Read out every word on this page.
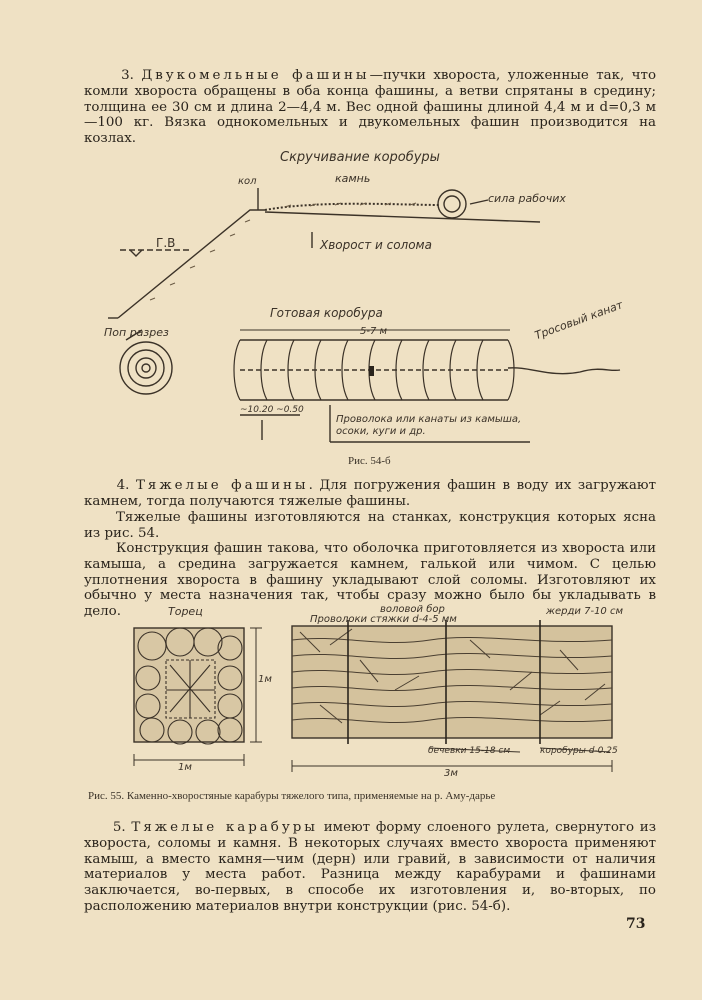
3. Двукомельные фашины—пучки хвороста, уложенные так, что комли хвороста обращены в оба конца фашины, а ветви спрятаны в средину; толщина ее 30 см и длина 2—4,4 м. Вес одной фашины длиной 4,4 м и d=0,3 м—100 кг. Вязка однокомельных и двукомельных фашин производится на козлах.

Скручивание коробуры
камнь
кол
сила рабочих
Г.В	Хворост и солома
Поп разрез
Готовая коробура
5-7 м
~10.20 ~0.50
Тросовый канат
Проволока или канаты из камыша, осоки, куги и др.
Рис. 54-б

4. Тяжелые фашины. Для погружения фашин в воду их загружают камнем, тогда получаются тяжелые фашины.

Тяжелые фашины изготовляются на станках, конструкция которых ясна из рис. 54.

Конструкция фашин такова, что оболочка приготовляется из хвороста или камыша, а средина загружается камнем, галькой или чимом. С целью уплотнения хвороста в фашину укладывают слой соломы. Изготовляют их обычно у места назначения так, чтобы сразу можно было бы укладывать в дело.	Торец
1м
1м
воловой бор
Проволоки стяжки d-4-5 мм
жерди 7-10 см
бечевки 15-18 см	коробуры d-0.25
3м
Рис. 55. Каменно-хворостяные карабуры тяжелого типа, применяемые на р. Аму-дарье

5. Тяжелые карабуры имеют форму слоеного рулета, свернутого из хвороста, соломы и камня. В некоторых случаях вместо хвороста применяют камыш, а вместо камня—чим (дерн) или гравий, в зависимости от наличия материалов у места работ. Разница между карабурами и фашинами заключается, во-первых, в способе их изготовления и, во-вторых, по расположению материалов внутри конструкции (рис. 54-б).

73
